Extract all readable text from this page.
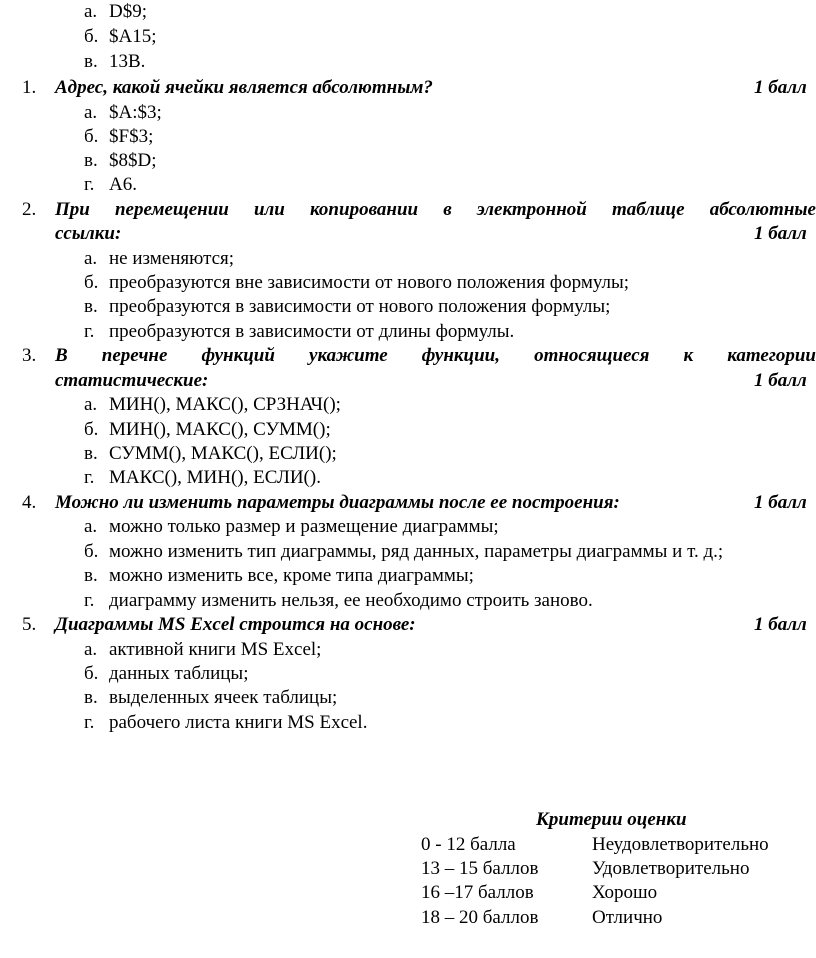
а. D$9;
б. $A15;
в. 13B.
1. Адрес, какой ячейки является абсолютным?	1 балл
а. $A:$3;
б. $F$3;
в. $8$D;
г. A6.
2. При перемещении или копировании в электронной таблице абсолютные
ссылки:	1 балл
а. не изменяются;
б. преобразуются вне зависимости от нового положения формулы;
в. преобразуются в зависимости от нового положения формулы;
г. преобразуются в зависимости от длины формулы.
3. В перечне функций укажите функции, относящиеся к категории
статистические:	1 балл
а. МИН(), МАКС(), СРЗНАЧ();
б. МИН(), МАКС(), СУММ();
в. СУММ(), МАКС(), ЕСЛИ();
г. МАКС(), МИН(), ЕСЛИ().
4. Можно ли изменить параметры диаграммы после ее построения:	1 балл
а. можно только размер и размещение диаграммы;
б. можно изменить тип диаграммы, ряд данных, параметры диаграммы и т. д.;
в. можно изменить все, кроме типа диаграммы;
г. диаграмму изменить нельзя, ее необходимо строить заново.
5. Диаграммы MS Excel строится на основе:	1 балл
а. активной книги MS Excel;
б. данных таблицы;
в. выделенных ячеек таблицы;
г. рабочего листа книги MS Excel.
Критерии оценки
0 - 12 балла	Неудовлетворительно
13 – 15 баллов	Удовлетворительно
16 –17 баллов	Хорошо
18 – 20 баллов	Отлично
